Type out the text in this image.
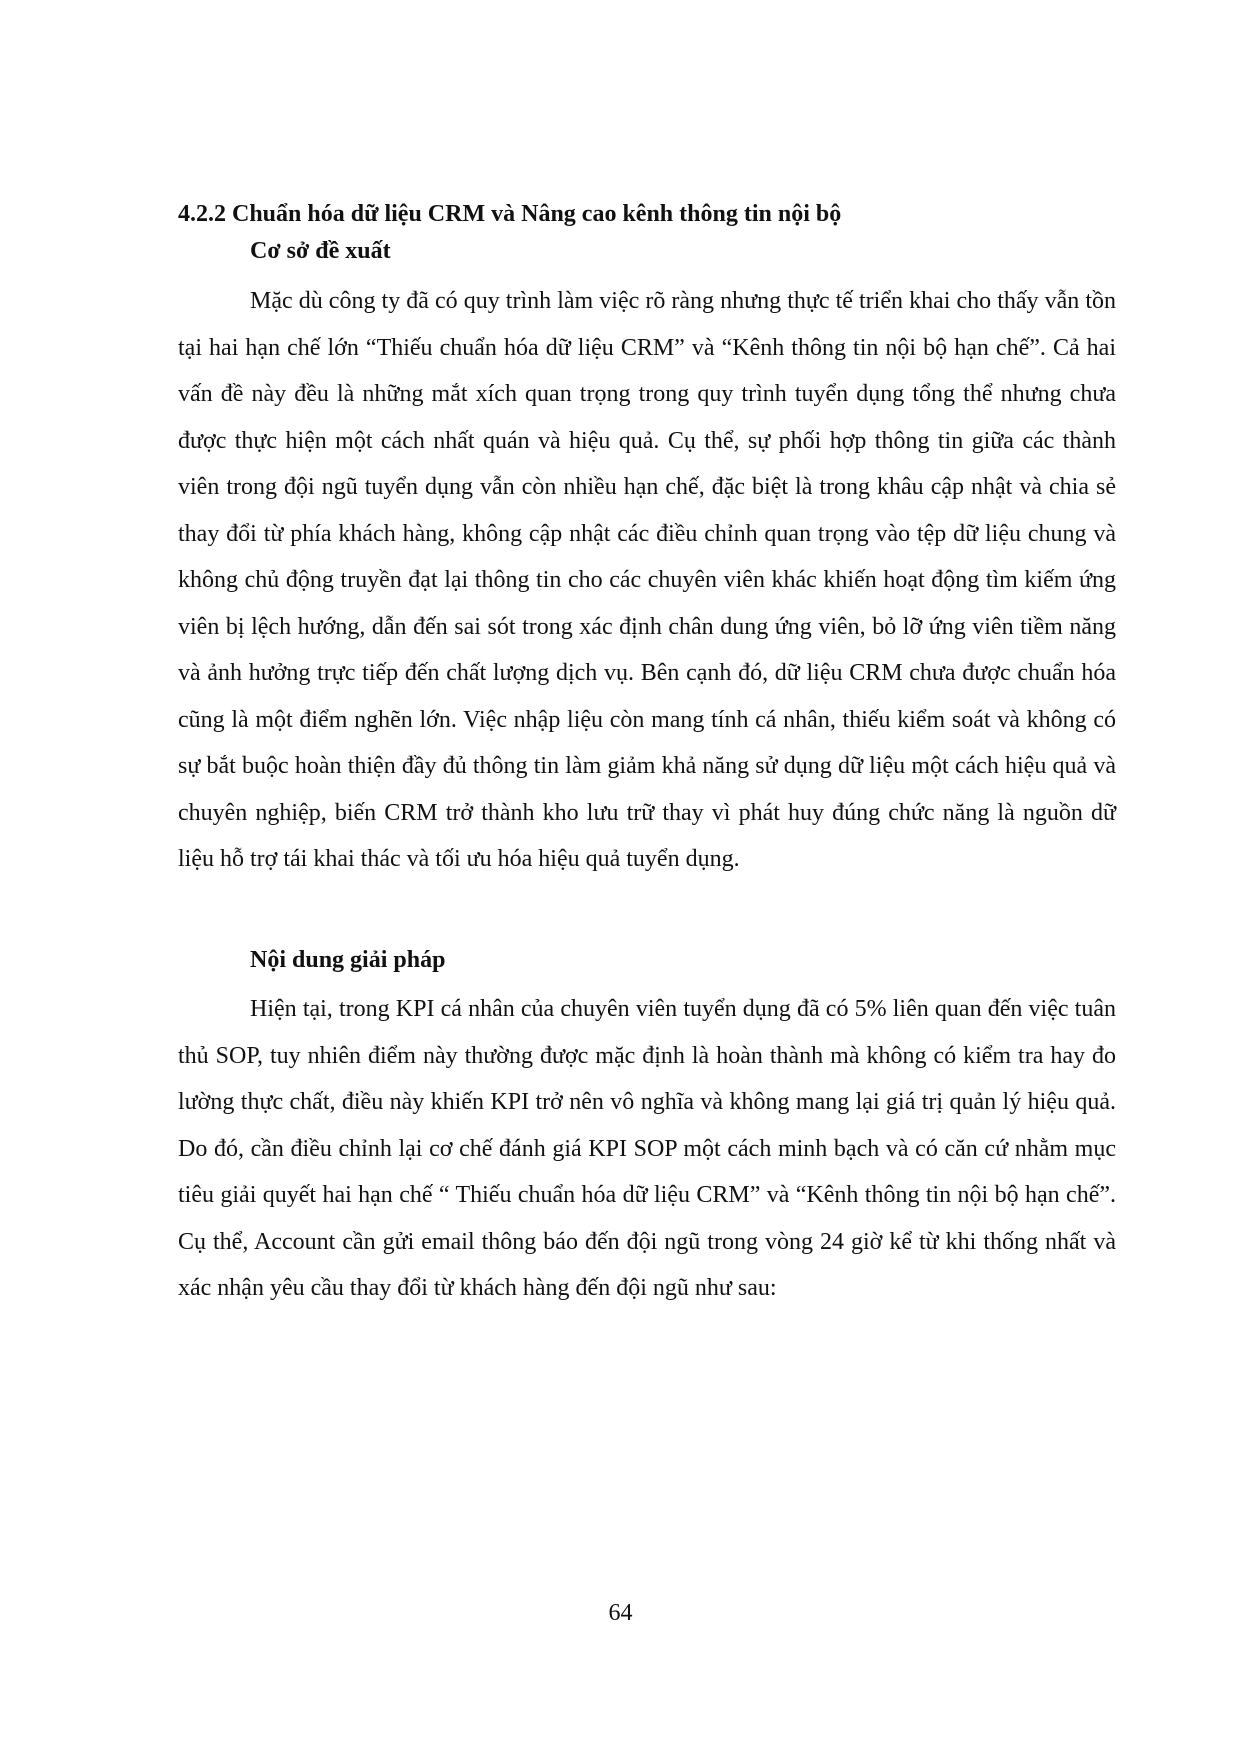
4.2.2 Chuẩn hóa dữ liệu CRM và Nâng cao kênh thông tin nội bộ
Cơ sở đề xuất

Mặc dù công ty đã có quy trình làm việc rõ ràng nhưng thực tế triển khai cho thấy vẫn tồn tại hai hạn chế lớn “Thiếu chuẩn hóa dữ liệu CRM” và “Kênh thông tin nội bộ hạn chế”. Cả hai vấn đề này đều là những mắt xích quan trọng trong quy trình tuyển dụng tổng thể nhưng chưa được thực hiện một cách nhất quán và hiệu quả. Cụ thể, sự phối hợp thông tin giữa các thành viên trong đội ngũ tuyển dụng vẫn còn nhiều hạn chế, đặc biệt là trong khâu cập nhật và chia sẻ thay đổi từ phía khách hàng, không cập nhật các điều chỉnh quan trọng vào tệp dữ liệu chung và không chủ động truyền đạt lại thông tin cho các chuyên viên khác khiến hoạt động tìm kiếm ứng viên bị lệch hướng, dẫn đến sai sót trong xác định chân dung ứng viên, bỏ lỡ ứng viên tiềm năng và ảnh hưởng trực tiếp đến chất lượng dịch vụ. Bên cạnh đó, dữ liệu CRM chưa được chuẩn hóa cũng là một điểm nghẽn lớn. Việc nhập liệu còn mang tính cá nhân, thiếu kiểm soát và không có sự bắt buộc hoàn thiện đầy đủ thông tin làm giảm khả năng sử dụng dữ liệu một cách hiệu quả và chuyên nghiệp, biến CRM trở thành kho lưu trữ thay vì phát huy đúng chức năng là nguồn dữ liệu hỗ trợ tái khai thác và tối ưu hóa hiệu quả tuyển dụng.

Nội dung giải pháp

Hiện tại, trong KPI cá nhân của chuyên viên tuyển dụng đã có 5% liên quan đến việc tuân thủ SOP, tuy nhiên điểm này thường được mặc định là hoàn thành mà không có kiểm tra hay đo lường thực chất, điều này khiến KPI trở nên vô nghĩa và không mang lại giá trị quản lý hiệu quả. Do đó, cần điều chỉnh lại cơ chế đánh giá KPI SOP một cách minh bạch và có căn cứ nhằm mục tiêu giải quyết hai hạn chế “ Thiếu chuẩn hóa dữ liệu CRM” và “Kênh thông tin nội bộ hạn chế”. Cụ thể, Account cần gửi email thông báo đến đội ngũ trong vòng 24 giờ kể từ khi thống nhất và xác nhận yêu cầu thay đổi từ khách hàng đến đội ngũ như sau:

64
